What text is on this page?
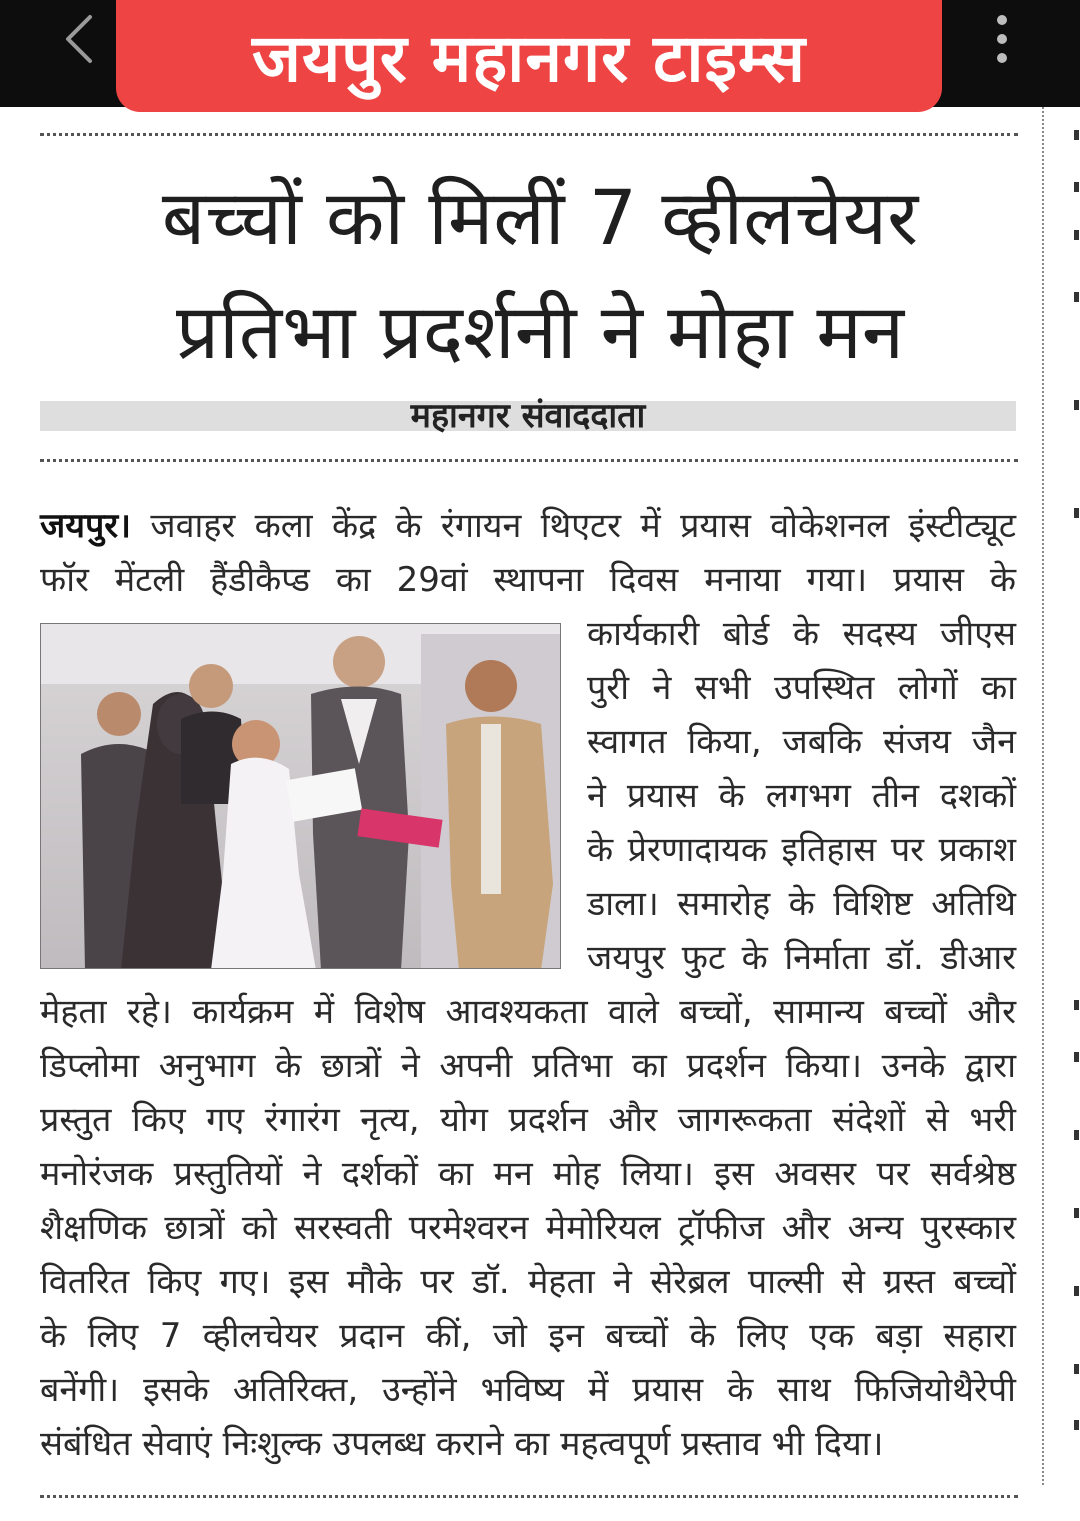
जयपुर महानगर टाइम्स
बच्चों को मिलीं 7 व्हीलचेयर
प्रतिभा प्रदर्शनी ने मोहा मन
महानगर संवाददाता
जयपुर। जवाहर कला केंद्र के रंगायन थिएटर में प्रयास वोकेशनल इंस्टीट्यूट
फॉर मेंटली हैंडीकैप्ड का 29वां स्थापना दिवस मनाया गया। प्रयास के
कार्यकारी बोर्ड के सदस्य जीएस
पुरी ने सभी उपस्थित लोगों का
स्वागत किया, जबकि संजय जैन
ने प्रयास के लगभग तीन दशकों
के प्रेरणादायक इतिहास पर प्रकाश
डाला। समारोह के विशिष्ट अतिथि
जयपुर फुट के निर्माता डॉ. डीआर
मेहता रहे। कार्यक्रम में विशेष आवश्यकता वाले बच्चों, सामान्य बच्चों और
डिप्लोमा अनुभाग के छात्रों ने अपनी प्रतिभा का प्रदर्शन किया। उनके द्वारा
प्रस्तुत किए गए रंगारंग नृत्य, योग प्रदर्शन और जागरूकता संदेशों से भरी
मनोरंजक प्रस्तुतियों ने दर्शकों का मन मोह लिया। इस अवसर पर सर्वश्रेष्ठ
शैक्षणिक छात्रों को सरस्वती परमेश्वरन मेमोरियल ट्रॉफीज और अन्य पुरस्कार
वितरित किए गए। इस मौके पर डॉ. मेहता ने सेरेब्रल पाल्सी से ग्रस्त बच्चों
के लिए 7 व्हीलचेयर प्रदान कीं, जो इन बच्चों के लिए एक बड़ा सहारा
बनेंगी। इसके अतिरिक्त, उन्होंने भविष्य में प्रयास के साथ फिजियोथैरेपी
संबंधित सेवाएं निःशुल्क उपलब्ध कराने का महत्वपूर्ण प्रस्ताव भी दिया।
